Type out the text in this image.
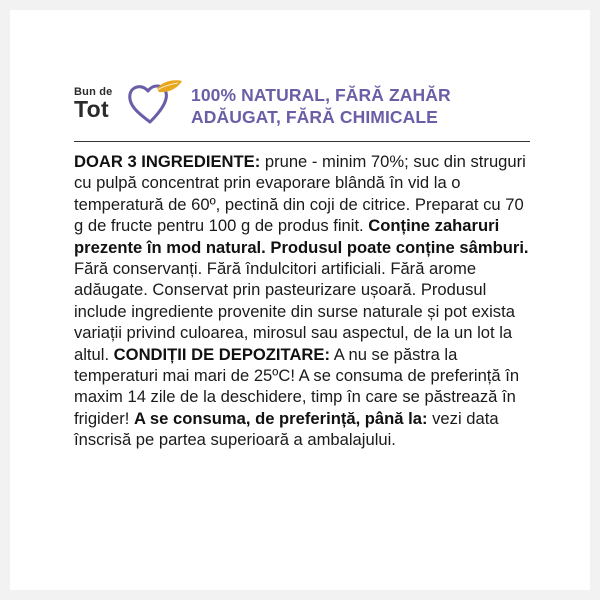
Bun de
Tot
100% NATURAL, FĂRĂ ZAHĂR
ADĂUGAT, FĂRĂ CHIMICALE
DOAR 3 INGREDIENTE: prune - minim 70%; suc din struguri cu pulpă concentrat prin evaporare blândă în vid la o temperatură de 60º, pectină din coji de citrice. Preparat cu 70 g de fructe pentru 100 g de produs finit. Conține zaharuri prezente în mod natural. Produsul poate conține sâmburi. Fără conservanți. Fără îndulcitori artificiali. Fără arome adăugate. Conservat prin pasteurizare ușoară. Produsul include ingrediente provenite din surse naturale și pot exista variații privind culoarea, mirosul sau aspectul, de la un lot la altul. CONDIȚII DE DEPOZITARE: A nu se păstra la temperaturi mai mari de 25ºC! A se consuma de preferință în maxim 14 zile de la deschidere, timp în care se păstrează în frigider! A se consuma, de preferință, până la: vezi data înscrisă pe partea superioară a ambalajului.
